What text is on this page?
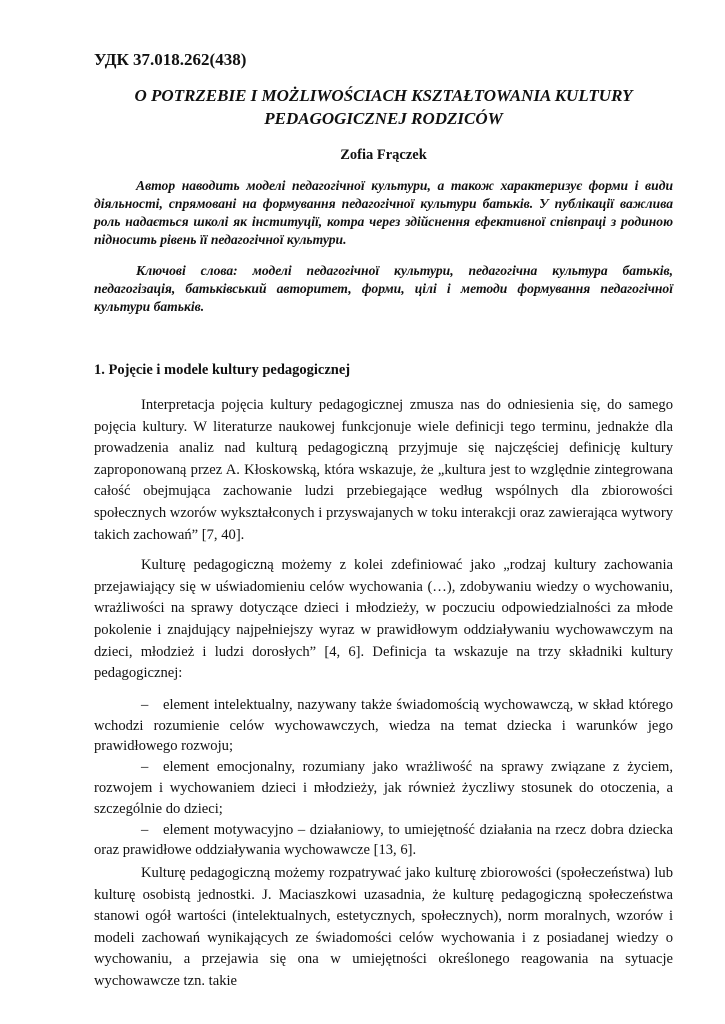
УДК 37.018.262(438)
O POTRZEBIE I MOŻLIWOŚCIACH KSZTAŁTOWANIA KULTURY
PEDAGOGICZNEJ RODZICÓW
Zofia Frączek

Автор наводить моделі педагогічної культури, а також характеризує форми і види діяльності, спрямовані на формування педагогічної культури батьків. У публікації важлива роль надається школі як інституції, котра через здійснення ефективної співпраці з родиною підносить рівень її педагогічної культури.

Ключові слова: моделі педагогічної культури, педагогічна культура батьків, педагогізація, батьківський авторитет, форми, цілі і методи формування педагогічної культури батьків.

1. Pojęcie i modele kultury pedagogicznej

Interpretacja pojęcia kultury pedagogicznej zmusza nas do odniesienia się, do samego pojęcia kultury. W literaturze naukowej funkcjonuje wiele definicji tego terminu, jednakże dla prowadzenia analiz nad kulturą pedagogiczną przyjmuje się najczęściej definicję kultury zaproponowaną przez A. Kłoskowską, która wskazuje, że „kultura jest to względnie zintegrowana całość obejmująca zachowanie ludzi przebiegające według wspólnych dla zbiorowości społecznych wzorów wykształconych i przyswajanych w toku interakcji oraz zawierająca wytwory takich zachowań” [7, 40].

Kulturę pedagogiczną możemy z kolei zdefiniować jako „rodzaj kultury zachowania przejawiający się w uświadomieniu celów wychowania (…), zdobywaniu wiedzy o wychowaniu, wrażliwości na sprawy dotyczące dzieci i młodzieży, w poczuciu odpowiedzialności za młode pokolenie i znajdujący najpełniejszy wyraz w prawidłowym oddziaływaniu wychowawczym na dzieci, młodzież i ludzi dorosłych” [4, 6]. Definicja ta wskazuje na trzy składniki kultury pedagogicznej:

– element intelektualny, nazywany także świadomością wychowawczą, w skład którego wchodzi rozumienie celów wychowawczych, wiedza na temat dziecka i warunków jego prawidłowego rozwoju;
– element emocjonalny, rozumiany jako wrażliwość na sprawy związane z życiem, rozwojem i wychowaniem dzieci i młodzieży, jak również życzliwy stosunek do otoczenia, a szczególnie do dzieci;
– element motywacyjno – działaniowy, to umiejętność działania na rzecz dobra dziecka oraz prawidłowe oddziaływania wychowawcze [13, 6].

Kulturę pedagogiczną możemy rozpatrywać jako kulturę zbiorowości (społeczeństwa) lub kulturę osobistą jednostki. J. Maciaszkowi uzasadnia, że kulturę pedagogiczną społeczeństwa stanowi ogół wartości (intelektualnych, estetycznych, społecznych), norm moralnych, wzorów i modeli zachowań wynikających ze świadomości celów wychowania i z posiadanej wiedzy o wychowaniu, a przejawia się ona w umiejętności określonego reagowania na sytuacje wychowawcze tzn. takie
